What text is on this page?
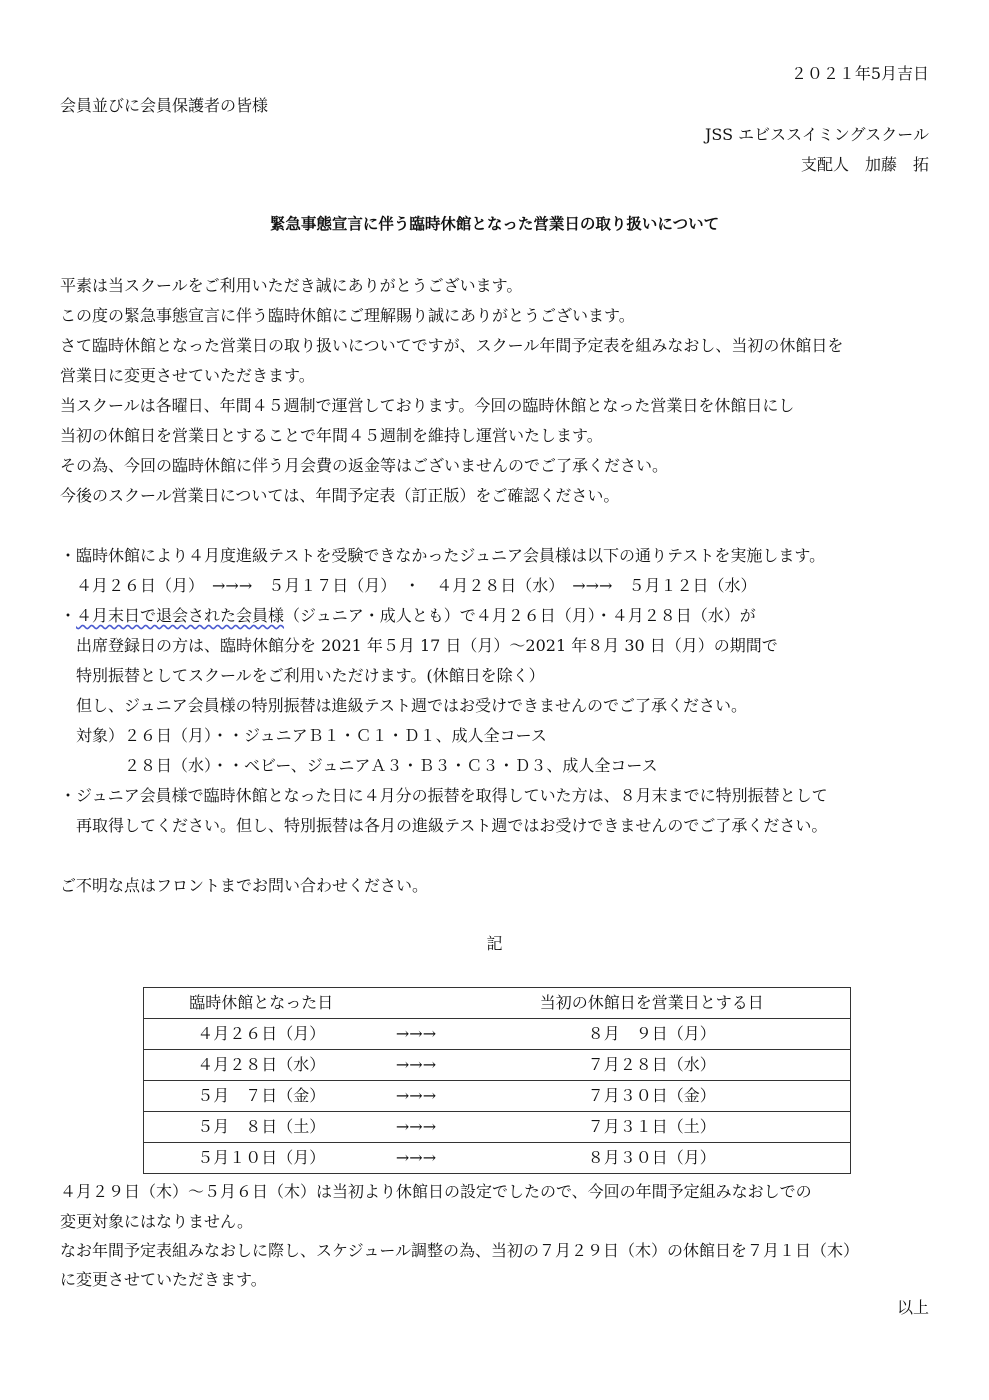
２０２１年5月吉日
会員並びに会員保護者の皆様
JSS エビススイミングスクール
支配人　加藤　拓
緊急事態宣言に伴う臨時休館となった営業日の取り扱いについて
平素は当スクールをご利用いただき誠にありがとうございます。
この度の緊急事態宣言に伴う臨時休館にご理解賜り誠にありがとうございます。
さて臨時休館となった営業日の取り扱いについてですが、スクール年間予定表を組みなおし、当初の休館日を
営業日に変更させていただきます。
当スクールは各曜日、年間４５週制で運営しております。今回の臨時休館となった営業日を休館日にし
当初の休館日を営業日とすることで年間４５週制を維持し運営いたします。
その為、今回の臨時休館に伴う月会費の返金等はございませんのでご了承ください。
今後のスクール営業日については、年間予定表（訂正版）をご確認ください。
・臨時休館により４月度進級テストを受験できなかったジュニア会員様は以下の通りテストを実施します。
　４月２６日（月）　→→→　５月１７日（月）　・　４月２８日（水）　→→→　５月１２日（水）
・４月末日で退会された会員様（ジュニア・成人とも）で４月２６日（月）・４月２８日（水）が
　出席登録日の方は、臨時休館分を 2021 年５月 17 日（月）～2021 年８月 30 日（月）の期間で
　特別振替としてスクールをご利用いただけます。(休館日を除く）
　但し、ジュニア会員様の特別振替は進級テスト週ではお受けできませんのでご了承ください。
　対象）２６日（月）・・ジュニアＢ１・Ｃ１・Ｄ１、成人全コース
　　　　２８日（水）・・ベビー、ジュニアＡ３・Ｂ３・Ｃ３・Ｄ３、成人全コース
・ジュニア会員様で臨時休館となった日に４月分の振替を取得していた方は、８月末までに特別振替として
　再取得してください。但し、特別振替は各月の進級テスト週ではお受けできませんのでご了承ください。
ご不明な点はフロントまでお問い合わせください。
記
臨時休館となった日		当初の休館日を営業日とする日
４月２６日（月）	→→→	８月　９日（月）
４月２８日（水）	→→→	７月２８日（水）
５月　７日（金）	→→→	７月３０日（金）
５月　８日（土）	→→→	７月３１日（土）
５月１０日（月）	→→→	８月３０日（月）
４月２９日（木）～５月６日（木）は当初より休館日の設定でしたので、今回の年間予定組みなおしでの
変更対象にはなりません。
なお年間予定表組みなおしに際し、スケジュール調整の為、当初の７月２９日（木）の休館日を７月１日（木）
に変更させていただきます。
以上
